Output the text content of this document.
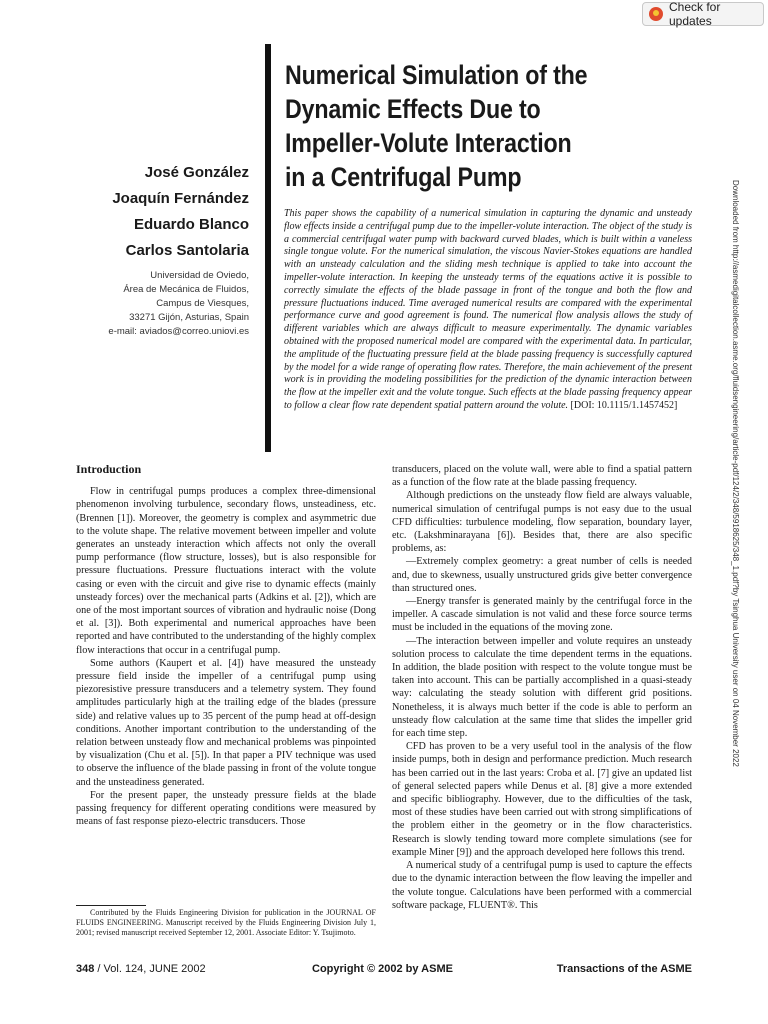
Check for updates
Numerical Simulation of the
Dynamic Effects Due to
Impeller-Volute Interaction
in a Centrifugal Pump
José González
Joaquín Fernández
Eduardo Blanco
Carlos Santolaria
Universidad de Oviedo,
Área de Mecánica de Fluidos,
Campus de Viesques,
33271 Gijón, Asturias, Spain
e-mail: aviados@correo.uniovi.es
This paper shows the capability of a numerical simulation in capturing the dynamic and unsteady flow effects inside a centrifugal pump due to the impeller-volute interaction. The object of the study is a commercial centrifugal water pump with backward curved blades, which is built within a vaneless single tongue volute. For the numerical simulation, the viscous Navier-Stokes equations are handled with an unsteady calculation and the sliding mesh technique is applied to take into account the impeller-volute interaction. In keeping the unsteady terms of the equations active it is possible to correctly simulate the effects of the blade passage in front of the tongue and both the flow and pressure fluctuations induced. Time averaged numerical results are compared with the experimental performance curve and good agreement is found. The numerical flow analysis allows the study of different variables which are always difficult to measure experimentally. The dynamic variables obtained with the proposed numerical model are compared with the experimental data. In particular, the amplitude of the fluctuating pressure field at the blade passing frequency is successfully captured by the model for a wide range of operating flow rates. Therefore, the main achievement of the present work is in providing the modeling possibilities for the prediction of the dynamic interaction between the flow at the impeller exit and the volute tongue. Such effects at the blade passing frequency appear to follow a clear flow rate dependent spatial pattern around the volute. [DOI: 10.1115/1.1457452]	Downloaded from http://asmedigitalcollection.asme.org/fluidsengineering/article-pdf/124/2/348/5918625/348_1.pdf?by Tsinghua University user on 04 November 2022
Introduction

Flow in centrifugal pumps produces a complex three-dimensional phenomenon involving turbulence, secondary flows, unsteadiness, etc. (Brennen [1]). Moreover, the geometry is complex and asymmetric due to the volute shape. The relative movement between impeller and volute generates an unsteady interaction which affects not only the overall pump performance (flow structure, losses), but is also responsible for pressure fluctuations. Pressure fluctuations interact with the volute casing or even with the circuit and give rise to dynamic effects (mainly unsteady forces) over the mechanical parts (Adkins et al. [2]), which are one of the most important sources of vibration and hydraulic noise (Dong et al. [3]). Both experimental and numerical approaches have been reported and have contributed to the understanding of the highly complex flow interactions that occur in a centrifugal pump.

Some authors (Kaupert et al. [4]) have measured the unsteady pressure field inside the impeller of a centrifugal pump using piezoresistive pressure transducers and a telemetry system. They found amplitudes particularly high at the trailing edge of the blades (pressure side) and relative values up to 35 percent of the pump head at off-design conditions. Another important contribution to the understanding of the relation between unsteady flow and mechanical problems was pinpointed by visualization (Chu et al. [5]). In that paper a PIV technique was used to observe the influence of the blade passing in front of the volute tongue and the unsteadiness generated.

For the present paper, the unsteady pressure fields at the blade passing frequency for different operating conditions were measured by means of fast response piezo-electric transducers. Those

transducers, placed on the volute wall, were able to find a spatial pattern as a function of the flow rate at the blade passing frequency.

Although predictions on the unsteady flow field are always valuable, numerical simulation of centrifugal pumps is not easy due to the usual CFD difficulties: turbulence modeling, flow separation, boundary layer, etc. (Lakshminarayana [6]). Besides that, there are also specific problems, as:

—Extremely complex geometry: a great number of cells is needed and, due to skewness, usually unstructured grids give better convergence than structured ones.

—Energy transfer is generated mainly by the centrifugal force in the impeller. A cascade simulation is not valid and these force source terms must be included in the equations of the moving zone.

—The interaction between impeller and volute requires an unsteady solution process to calculate the time dependent terms in the equations. In addition, the blade position with respect to the volute tongue must be taken into account. This can be partially accomplished in a quasi-steady way: calculating the steady solution with different grid positions. Nonetheless, it is always much better if the code is able to perform an unsteady flow calculation at the same time that slides the impeller grid for each time step.

CFD has proven to be a very useful tool in the analysis of the flow inside pumps, both in design and performance prediction. Much research has been carried out in the last years: Croba et al. [7] give an updated list of general selected papers while Denus et al. [8] give a more extended and specific bibliography. However, due to the difficulties of the task, most of these studies have been carried out with strong simplifications of the problem either in the geometry or in the flow characteristics. Research is slowly tending toward more complete simulations (see for example Miner [9]) and the approach developed here follows this trend.

A numerical study of a centrifugal pump is used to capture the effects due to the dynamic interaction between the flow leaving the impeller and the volute tongue. Calculations have been performed with a commercial software package, FLUENT®. This

Contributed by the Fluids Engineering Division for publication in the JOURNAL OF FLUIDS ENGINEERING. Manuscript received by the Fluids Engineering Division July 1, 2001; revised manuscript received September 12, 2001. Associate Editor: Y. Tsujimoto.
348 / Vol. 124, JUNE 2002	Copyright © 2002 by ASME	Transactions of the ASME
